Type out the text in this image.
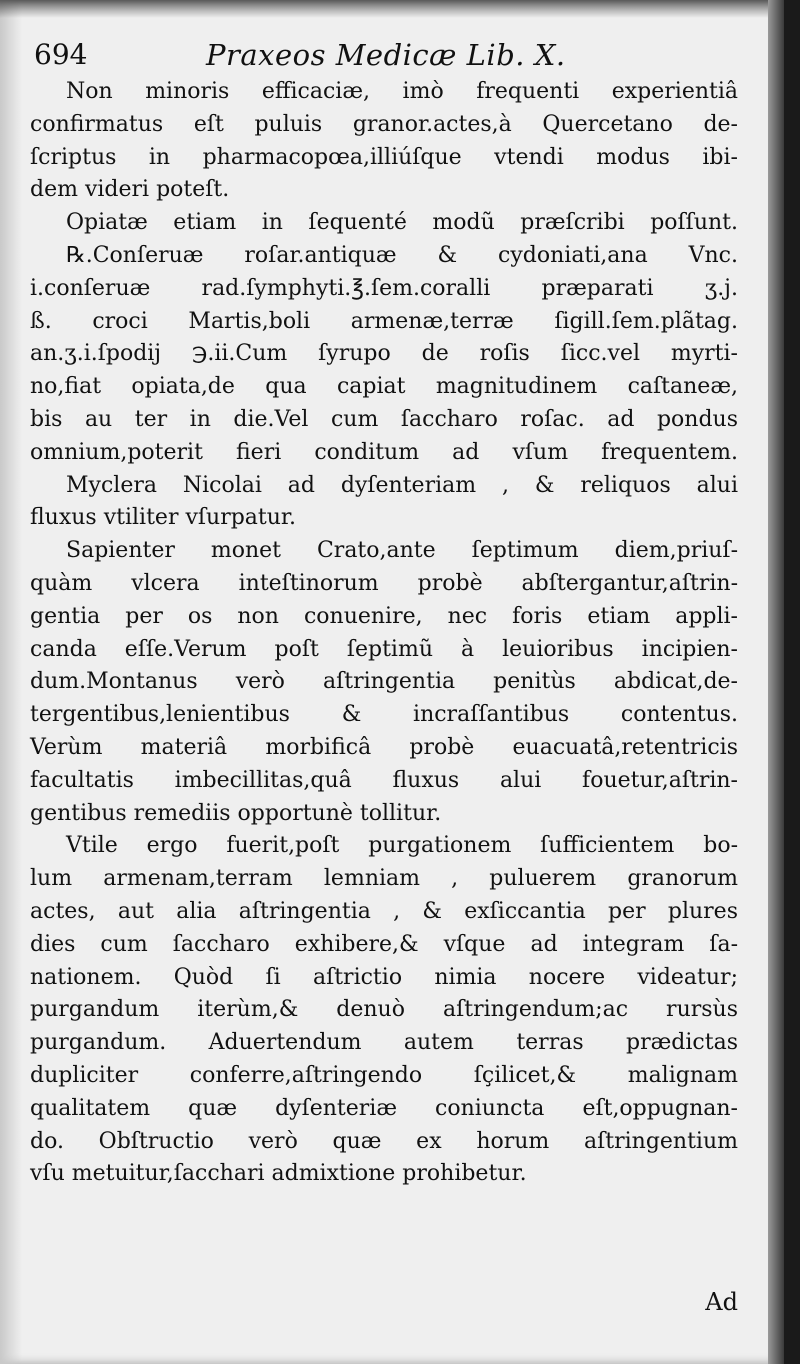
694	Praxeos Medicæ Lib. X.
Non minoris efficaciæ, imò frequenti experientiâ
confirmatus eſt puluis granor.actes,à Quercetano de-
ſcriptus in pharmacopœa,illiúſque vtendi modus ibi-
dem videri poteſt.
Opiatæ etiam in ſequenté modũ præſcribi poſſunt.
℞.Conſeruæ roſar.antiquæ & cydoniati,ana Vnc.
i.conſeruæ rad.ſymphyti.℥.ſem.coralli præparati ʒ.j.
ß. croci Martis,boli armenæ,terræ ſigill.ſem.plãtag.
an.ʒ.i.ſpodij ℈.ii.Cum ſyrupo de roſis ſicc.vel myrti-
no,fiat opiata,de qua capiat magnitudinem caſtaneæ,
bis au ter in die.Vel cum ſaccharo roſac. ad pondus
omnium,poterit fieri conditum ad vſum frequentem.
Myclera Nicolai ad dyſenteriam , & reliquos alui
fluxus vtiliter vſurpatur.
Sapienter monet Crato,ante ſeptimum diem,priuſ-
quàm vlcera inteſtinorum probè abſtergantur,aſtrin-
gentia per os non conuenire, nec foris etiam appli-
canda eſſe.Verum poſt ſeptimũ à leuioribus incipien-
dum.Montanus verò aſtringentia penitùs abdicat,de-
tergentibus,lenientibus & incraſſantibus contentus.
Verùm materiâ morbificâ probè euacuatâ,retentricis
facultatis imbecillitas,quâ fluxus alui fouetur,aſtrin-
gentibus remediis opportunè tollitur.
Vtile ergo fuerit,poſt purgationem ſufficientem bo-
lum armenam,terram lemniam , puluerem granorum
actes, aut alia aſtringentia , & exſiccantia per plures
dies cum ſaccharo exhibere,& vſque ad integram ſa-
nationem. Quòd ſi aſtrictio nimia nocere videatur;
purgandum iterùm,& denuò aſtringendum;ac rursùs
purgandum. Aduertendum autem terras prædictas
dupliciter conferre,aſtringendo ſçilicet,& malignam
qualitatem quæ dyſenteriæ coniuncta eſt,oppugnan-
do. Obſtructio verò quæ ex horum aſtringentium
vſu metuitur,ſacchari admixtione prohibetur.
Ad
